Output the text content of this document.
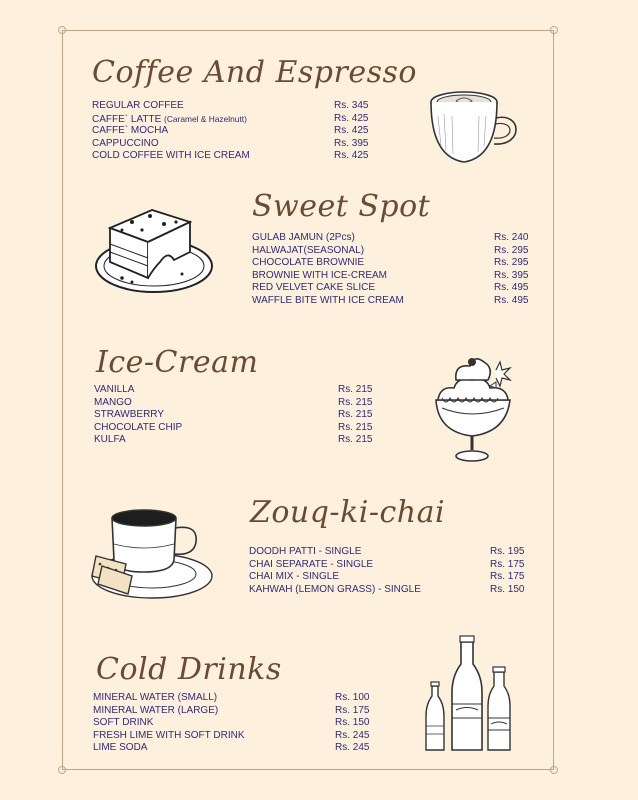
Coffee And Espresso
REGULAR COFFEE	Rs. 345
CAFFE` LATTE (Caramel & Hazelnutt)	Rs. 425
CAFFE` MOCHA	Rs. 425
CAPPUCCINO	Rs. 395
COLD COFFEE WITH ICE CREAM	Rs. 425
Sweet Spot
GULAB JAMUN (2Pcs)	Rs. 240
HALWAJAT(SEASONAL)	Rs. 295
CHOCOLATE BROWNIE	Rs. 295
BROWNIE WITH ICE-CREAM	Rs. 395
RED VELVET CAKE SLICE	Rs. 495
WAFFLE BITE WITH ICE CREAM	Rs. 495
Ice-Cream
VANILLA	Rs. 215
MANGO	Rs. 215
STRAWBERRY	Rs. 215
CHOCOLATE CHIP	Rs. 215
KULFA	Rs. 215
Zouq-ki-chai
DOODH PATTI - SINGLE	Rs. 195
CHAI SEPARATE - SINGLE	Rs. 175
CHAI MIX - SINGLE	Rs. 175
KAHWAH (LEMON GRASS) - SINGLE	Rs. 150
Cold Drinks
MINERAL WATER (SMALL)	Rs. 100
MINERAL WATER (LARGE)	Rs. 175
SOFT DRINK	Rs. 150
FRESH LIME WITH SOFT DRINK	Rs. 245
LIME SODA	Rs. 245
